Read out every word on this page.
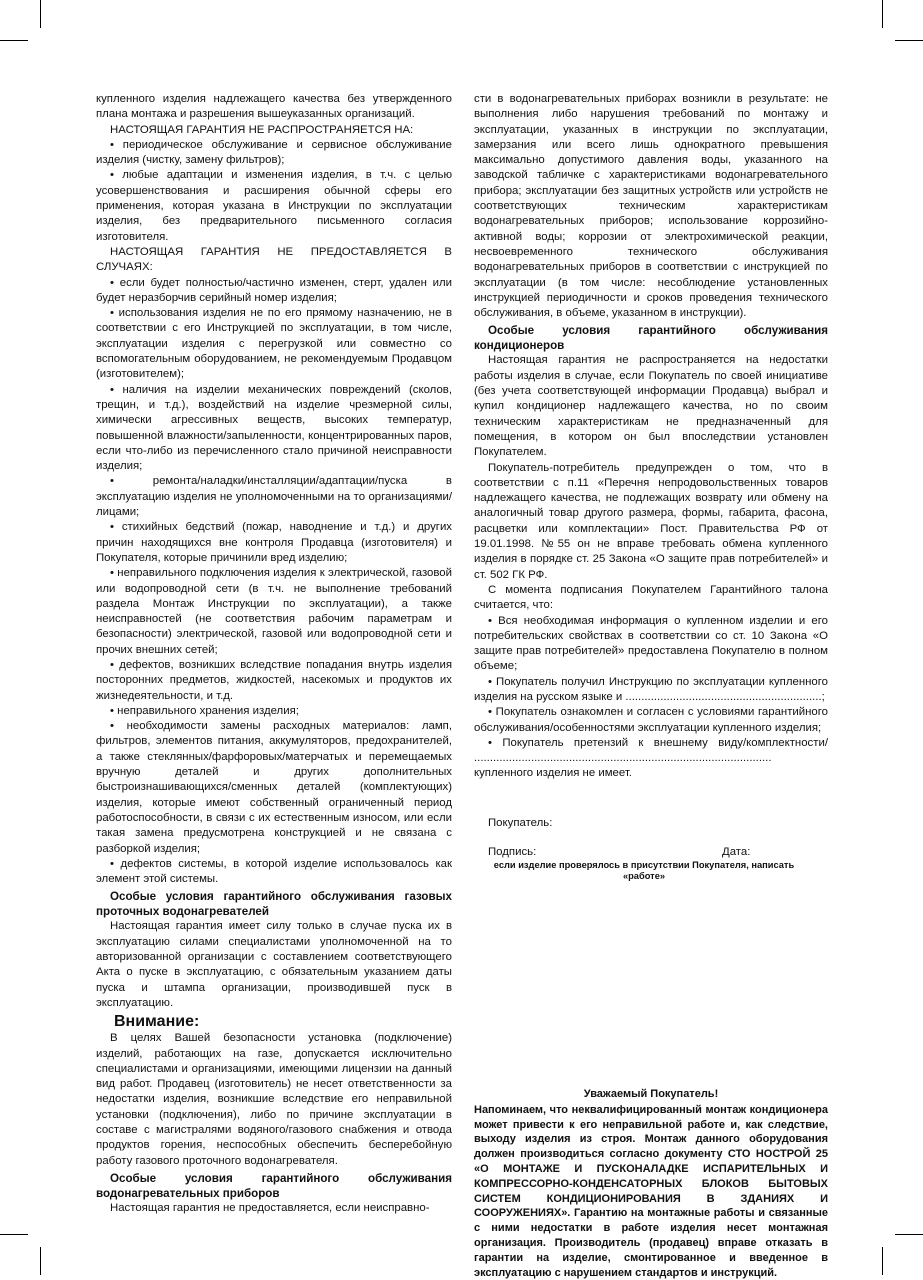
купленного изделия надлежащего качества без утвержденного плана монтажа и разрешения вышеуказанных организаций.

НАСТОЯЩАЯ ГАРАНТИЯ НЕ РАСПРОСТРАНЯЕТСЯ НА:

• периодическое обслуживание и сервисное обслуживание изделия (чистку, замену фильтров);

• любые адаптации и изменения изделия, в т.ч. с целью усовершенствования и расширения обычной сферы его применения, которая указана в Инструкции по эксплуатации изделия, без предварительного письменного согласия изготовителя.

НАСТОЯЩАЯ ГАРАНТИЯ НЕ ПРЕДОСТАВЛЯЕТСЯ В СЛУЧАЯХ:

• если будет полностью/частично изменен, стерт, удален или будет неразборчив серийный номер изделия;

• использования изделия не по его прямому назначению, не в соответствии с его Инструкцией по эксплуатации, в том числе, эксплуатации изделия с перегрузкой или совместно со вспомогательным оборудованием, не рекомендуемым Продавцом (изготовителем);

• наличия на изделии механических повреждений (сколов, трещин, и т.д.), воздействий на изделие чрезмерной силы, химически агрессивных веществ, высоких температур, повышенной влажности/запыленности, концентрированных паров, если что-либо из перечисленного стало причиной неисправности изделия;

• ремонта/наладки/инсталляции/адаптации/пуска в эксплуатацию изделия не уполномоченными на то организациями/лицами;

• стихийных бедствий (пожар, наводнение и т.д.) и других причин находящихся вне контроля Продавца (изготовителя) и Покупателя, которые причинили вред изделию;

• неправильного подключения изделия к электрической, газовой или водопроводной сети (в т.ч. не выполнение требований раздела Монтаж Инструкции по эксплуатации), а также неисправностей (не соответствия рабочим параметрам и безопасности) электрической, газовой или водопроводной сети и прочих внешних сетей;

• дефектов, возникших вследствие попадания внутрь изделия посторонних предметов, жидкостей, насекомых и продуктов их жизнедеятельности, и т.д.

• неправильного хранения изделия;

• необходимости замены расходных материалов: ламп, фильтров, элементов питания, аккумуляторов, предохранителей, а также стеклянных/фарфоровых/матерчатых и перемещаемых вручную деталей и других дополнительных быстроизнашивающихся/сменных деталей (комплектующих) изделия, которые имеют собственный ограниченный период работоспособности, в связи с их естественным износом, или если такая замена предусмотрена конструкцией и не связана с разборкой изделия;

• дефектов системы, в которой изделие использовалось как элемент этой системы.

Особые условия гарантийного обслуживания газовых проточных водонагревателей

Настоящая гарантия имеет силу только в случае пуска их в эксплуатацию силами специалистами уполномоченной на то авторизованной организации с составлением соответствующего Акта о пуске в эксплуатацию, с обязательным указанием даты пуска и штампа организации, производившей пуск в эксплуатацию.

Внимание:

В целях Вашей безопасности установка (подключение) изделий, работающих на газе, допускается исключительно специалистами и организациями, имеющими лицензии на данный вид работ. Продавец (изготовитель) не несет ответственности за недостатки изделия, возникшие вследствие его неправильной установки (подключения), либо по причине эксплуатации в составе с магистралями водяного/газового снабжения и отвода продуктов горения, неспособных обеспечить бесперебойную работу газового проточного водонагревателя.

Особые условия гарантийного обслуживания водонагревательных приборов

Настоящая гарантия не предоставляется, если неисправно-

сти в водонагревательных приборах возникли в результате: не выполнения либо нарушения требований по монтажу и эксплуатации, указанных в инструкции по эксплуатации, замерзания или всего лишь однократного превышения максимально допустимого давления воды, указанного на заводской табличке с характеристиками водонагревательного прибора; эксплуатации без защитных устройств или устройств не соответствующих техническим характеристикам водонагревательных приборов; использование коррозийно-активной воды; коррозии от электрохимической реакции, несвоевременного технического обслуживания водонагревательных приборов в соответствии с инструкцией по эксплуатации (в том числе: несоблюдение установленных инструкцией периодичности и сроков проведения технического обслуживания, в объеме, указанном в инструкции).

Особые условия гарантийного обслуживания кондиционеров

Настоящая гарантия не распространяется на недостатки работы изделия в случае, если Покупатель по своей инициативе (без учета соответствующей информации Продавца) выбрал и купил кондиционер надлежащего качества, но по своим техническим характеристикам не предназначенный для помещения, в котором он был впоследствии установлен Покупателем.

Покупатель-потребитель предупрежден о том, что в соответствии с п.11 «Перечня непродовольственных товаров надлежащего качества, не подлежащих возврату или обмену на аналогичный товар другого размера, формы, габарита, фасона, расцветки или комплектации» Пост. Правительства РФ от 19.01.1998. №55 он не вправе требовать обмена купленного изделия в порядке ст. 25 Закона «О защите прав потребителей» и ст. 502 ГК РФ.

С момента подписания Покупателем Гарантийного талона считается, что:

• Вся необходимая информация о купленном изделии и его потребительских свойствах в соответствии со ст. 10 Закона «О защите прав потребителей» предоставлена Покупателю в полном объеме;

• Покупатель получил Инструкцию по эксплуатации купленного изделия на русском языке и ..............................................................;

• Покупатель ознакомлен и согласен с условиями гарантийного обслуживания/особенностями эксплуатации купленного изделия;

• Покупатель претензий к внешнему виду/комплектности/ .............................................................................................. купленного изделия не имеет.

Покупатель:
Подпись:	Дата:
если изделие проверялось в присутствии Покупателя, написать «работе»
Уважаемый Покупатель!
Напоминаем, что неквалифицированный монтаж кондиционера может привести к его неправильной работе и, как следствие, выходу изделия из строя. Монтаж данного оборудования должен производиться согласно документу СТО НОСТРОЙ 25 «О МОНТАЖЕ И ПУСКОНАЛАДКЕ ИСПАРИТЕЛЬНЫХ И КОМПРЕССОРНО-КОНДЕНСАТОРНЫХ БЛОКОВ БЫТОВЫХ СИСТЕМ КОНДИЦИОНИРОВАНИЯ В ЗДАНИЯХ И СООРУЖЕНИЯХ». Гарантию на монтажные работы и связанные с ними недостатки в работе изделия несет монтажная организация. Производитель (продавец) вправе отказать в гарантии на изделие, смонтированное и введенное в эксплуатацию с нарушением стандартов и инструкций.
